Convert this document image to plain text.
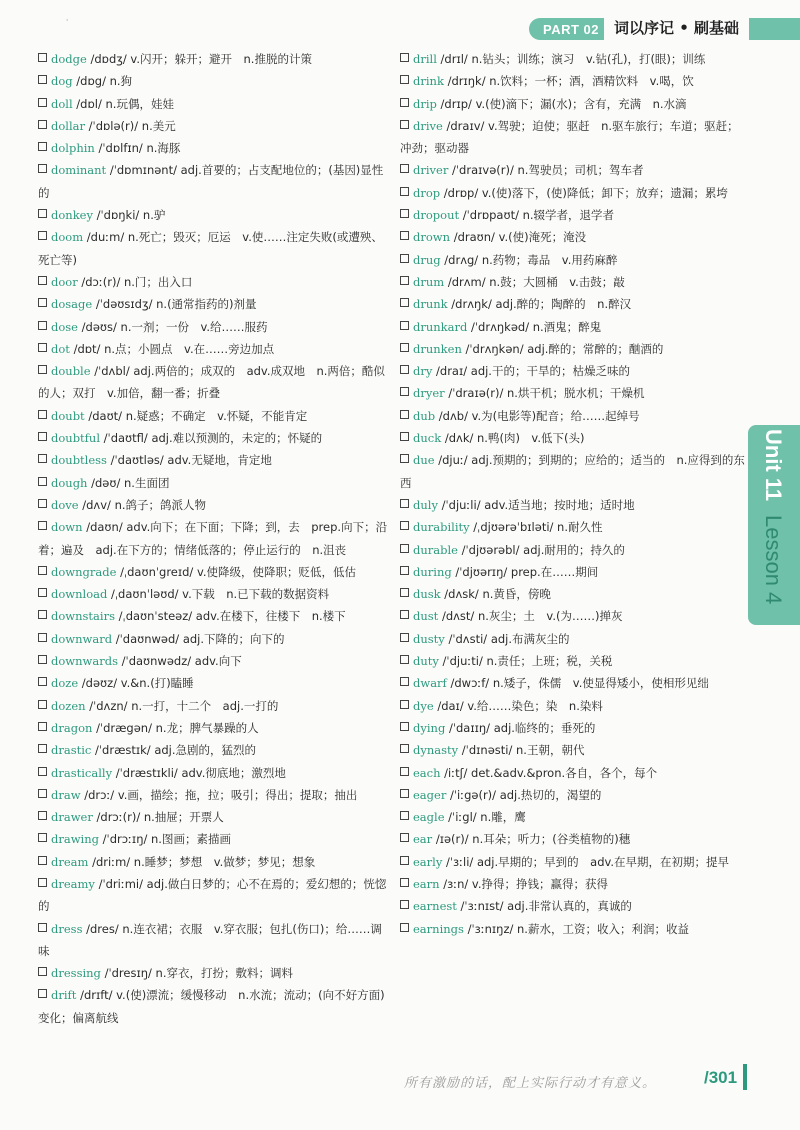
ˈ	PART 02	词以序记 • 刷基础

dodge /dɒdʒ/ v.闪开；躲开；避开　n.推脱的计策

dog /dɒg/ n.狗

doll /dɒl/ n.玩偶，娃娃

dollar /ˈdɒlə(r)/ n.美元

dolphin /ˈdɒlfɪn/ n.海豚

dominant /ˈdɒmɪnənt/ adj.首要的；占支配地位的；(基因)显性的

donkey /ˈdɒŋki/ n.驴

doom /duːm/ n.死亡；毁灭；厄运　v.使……注定失败(或遭殃、死亡等)

door /dɔː(r)/ n.门；出入口

dosage /ˈdəʊsɪdʒ/ n.(通常指药的)剂量

dose /dəʊs/ n.一剂；一份　v.给……服药

dot /dɒt/ n.点；小圆点　v.在……旁边加点

double /ˈdʌbl/ adj.两倍的；成双的　adv.成双地　n.两倍；酷似的人；双打　v.加倍，翻一番；折叠

doubt /daʊt/ n.疑惑；不确定　v.怀疑，不能肯定

doubtful /ˈdaʊtfl/ adj.难以预测的，未定的；怀疑的

doubtless /ˈdaʊtləs/ adv.无疑地，肯定地

dough /dəʊ/ n.生面团

dove /dʌv/ n.鸽子；鸽派人物

down /daʊn/ adv.向下；在下面；下降；到，去　prep.向下；沿着；遍及　adj.在下方的；情绪低落的；停止运行的　n.沮丧

downgrade /ˌdaʊnˈgreɪd/ v.使降级，使降职；贬低，低估

download /ˌdaʊnˈləʊd/ v.下载　n.已下载的数据资料

downstairs /ˌdaʊnˈsteəz/ adv.在楼下，往楼下　n.楼下

downward /ˈdaʊnwəd/ adj.下降的；向下的

downwards /ˈdaʊnwədz/ adv.向下

doze /dəʊz/ v.&n.(打)瞌睡

dozen /ˈdʌzn/ n.一打，十二个　adj.一打的

dragon /ˈdrægən/ n.龙；脾气暴躁的人

drastic /ˈdræstɪk/ adj.急剧的，猛烈的

drastically /ˈdræstɪkli/ adv.彻底地；激烈地

draw /drɔː/ v.画，描绘；拖，拉；吸引；得出；提取；抽出

drawer /drɔː(r)/ n.抽屉；开票人

drawing /ˈdrɔːɪŋ/ n.图画；素描画

dream /driːm/ n.睡梦；梦想　v.做梦；梦见；想象

dreamy /ˈdriːmi/ adj.做白日梦的；心不在焉的；爱幻想的；恍惚的

dress /dres/ n.连衣裙；衣服　v.穿衣服；包扎(伤口)；给……调味

dressing /ˈdresɪŋ/ n.穿衣，打扮；敷料；调料

drift /drɪft/ v.(使)漂流；缓慢移动　n.水流；流动；(向不好方面)变化；偏离航线

drill /drɪl/ n.钻头；训练；演习　v.钻(孔)，打(眼)；训练

drink /drɪŋk/ n.饮料；一杯；酒，酒精饮料　v.喝，饮

drip /drɪp/ v.(使)滴下；漏(水)；含有，充满　n.水滴

drive /draɪv/ v.驾驶；迫使；驱赶　n.驱车旅行；车道；驱赶；冲劲；驱动器

driver /ˈdraɪvə(r)/ n.驾驶员；司机；驾车者

drop /drɒp/ v.(使)落下，(使)降低；卸下；放弃；遗漏；累垮

dropout /ˈdrɒpaʊt/ n.辍学者，退学者

drown /draʊn/ v.(使)淹死；淹没

drug /drʌg/ n.药物；毒品　v.用药麻醉

drum /drʌm/ n.鼓；大圆桶　v.击鼓；敲

drunk /drʌŋk/ adj.醉的；陶醉的　n.醉汉

drunkard /ˈdrʌŋkəd/ n.酒鬼；醉鬼

drunken /ˈdrʌŋkən/ adj.醉的；常醉的；酗酒的

dry /draɪ/ adj.干的；干旱的；枯燥乏味的

dryer /ˈdraɪə(r)/ n.烘干机；脱水机；干燥机

dub /dʌb/ v.为(电影等)配音；给……起绰号

duck /dʌk/ n.鸭(肉)　v.低下(头)

due /djuː/ adj.预期的；到期的；应给的；适当的　n.应得到的东西

duly /ˈdjuːli/ adv.适当地；按时地；适时地

durability /ˌdjʊərəˈbɪləti/ n.耐久性

durable /ˈdjʊərəbl/ adj.耐用的；持久的

during /ˈdjʊərɪŋ/ prep.在……期间

dusk /dʌsk/ n.黄昏，傍晚

dust /dʌst/ n.灰尘；土　v.(为……)掸灰

dusty /ˈdʌsti/ adj.布满灰尘的

duty /ˈdjuːti/ n.责任；上班；税，关税

dwarf /dwɔːf/ n.矮子，侏儒　v.使显得矮小，使相形见绌

dye /daɪ/ v.给……染色；染　n.染料

dying /ˈdaɪɪŋ/ adj.临终的；垂死的

dynasty /ˈdɪnəsti/ n.王朝，朝代

each /iːtʃ/ det.&adv.&pron.各自，各个，每个

eager /ˈiːgə(r)/ adj.热切的，渴望的

eagle /ˈiːgl/ n.雕，鹰

ear /ɪə(r)/ n.耳朵；听力；(谷类植物的)穗

early /ˈɜːli/ adj.早期的；早到的　adv.在早期，在初期；提早

earn /ɜːn/ v.挣得；挣钱；赢得；获得

earnest /ˈɜːnɪst/ adj.非常认真的，真诚的

earnings /ˈɜːnɪŋz/ n.薪水，工资；收入；利润；收益

Unit 11 Lesson 4
所有激励的话，配上实际行动才有意义。	/301
